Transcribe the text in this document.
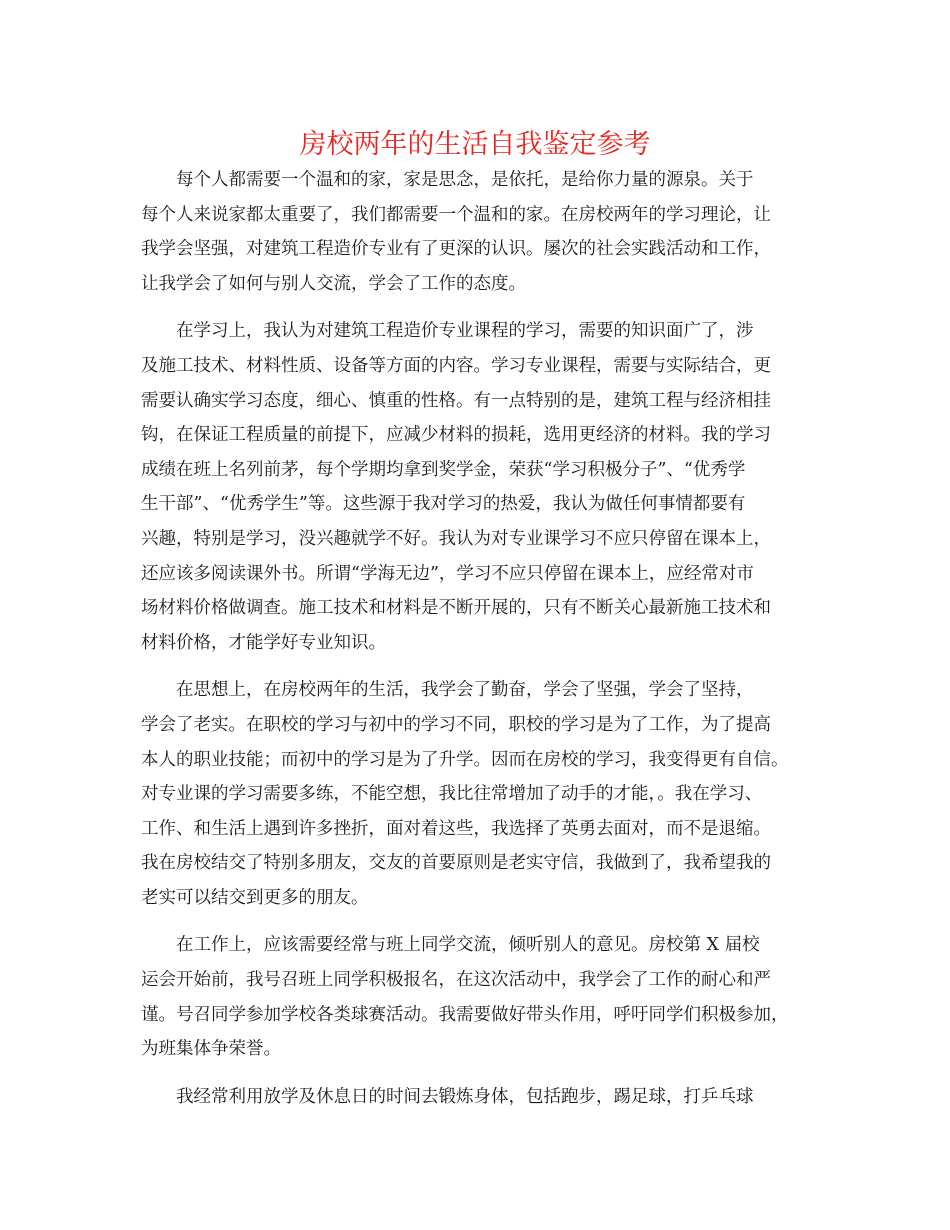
房校两年的生活自我鉴定参考
每个人都需要一个温和的家，家是思念，是依托，是给你力量的源泉。关于
每个人来说家都太重要了，我们都需要一个温和的家。在房校两年的学习理论，让
我学会坚强，对建筑工程造价专业有了更深的认识。屡次的社会实践活动和工作，
让我学会了如何与别人交流，学会了工作的态度。
在学习上，我认为对建筑工程造价专业课程的学习，需要的知识面广了，涉
及施工技术、材料性质、设备等方面的内容。学习专业课程，需要与实际结合，更
需要认确实学习态度，细心、慎重的性格。有一点特别的是，建筑工程与经济相挂
钩，在保证工程质量的前提下，应减少材料的损耗，选用更经济的材料。我的学习
成绩在班上名列前茅，每个学期均拿到奖学金，荣获“学习积极分子”、“优秀学
生干部”、“优秀学生”等。这些源于我对学习的热爱，我认为做任何事情都要有
兴趣，特别是学习，没兴趣就学不好。我认为对专业课学习不应只停留在课本上，
还应该多阅读课外书。所谓“学海无边”，学习不应只停留在课本上，应经常对市
场材料价格做调查。施工技术和材料是不断开展的，只有不断关心最新施工技术和
材料价格，才能学好专业知识。
在思想上，在房校两年的生活，我学会了勤奋，学会了坚强，学会了坚持，
学会了老实。在职校的学习与初中的学习不同，职校的学习是为了工作，为了提高
本人的职业技能；而初中的学习是为了升学。因而在房校的学习，我变得更有自信。
对专业课的学习需要多练，不能空想，我比往常增加了动手的才能，。我在学习、
工作、和生活上遇到许多挫折，面对着这些，我选择了英勇去面对，而不是退缩。
我在房校结交了特别多朋友，交友的首要原则是老实守信，我做到了，我希望我的
老实可以结交到更多的朋友。
在工作上，应该需要经常与班上同学交流，倾听别人的意见。房校第 X 届校
运会开始前，我号召班上同学积极报名，在这次活动中，我学会了工作的耐心和严
谨。号召同学参加学校各类球赛活动。我需要做好带头作用，呼吁同学们积极参加，
为班集体争荣誉。
我经常利用放学及休息日的时间去锻炼身体，包括跑步，踢足球，打乒乓球
